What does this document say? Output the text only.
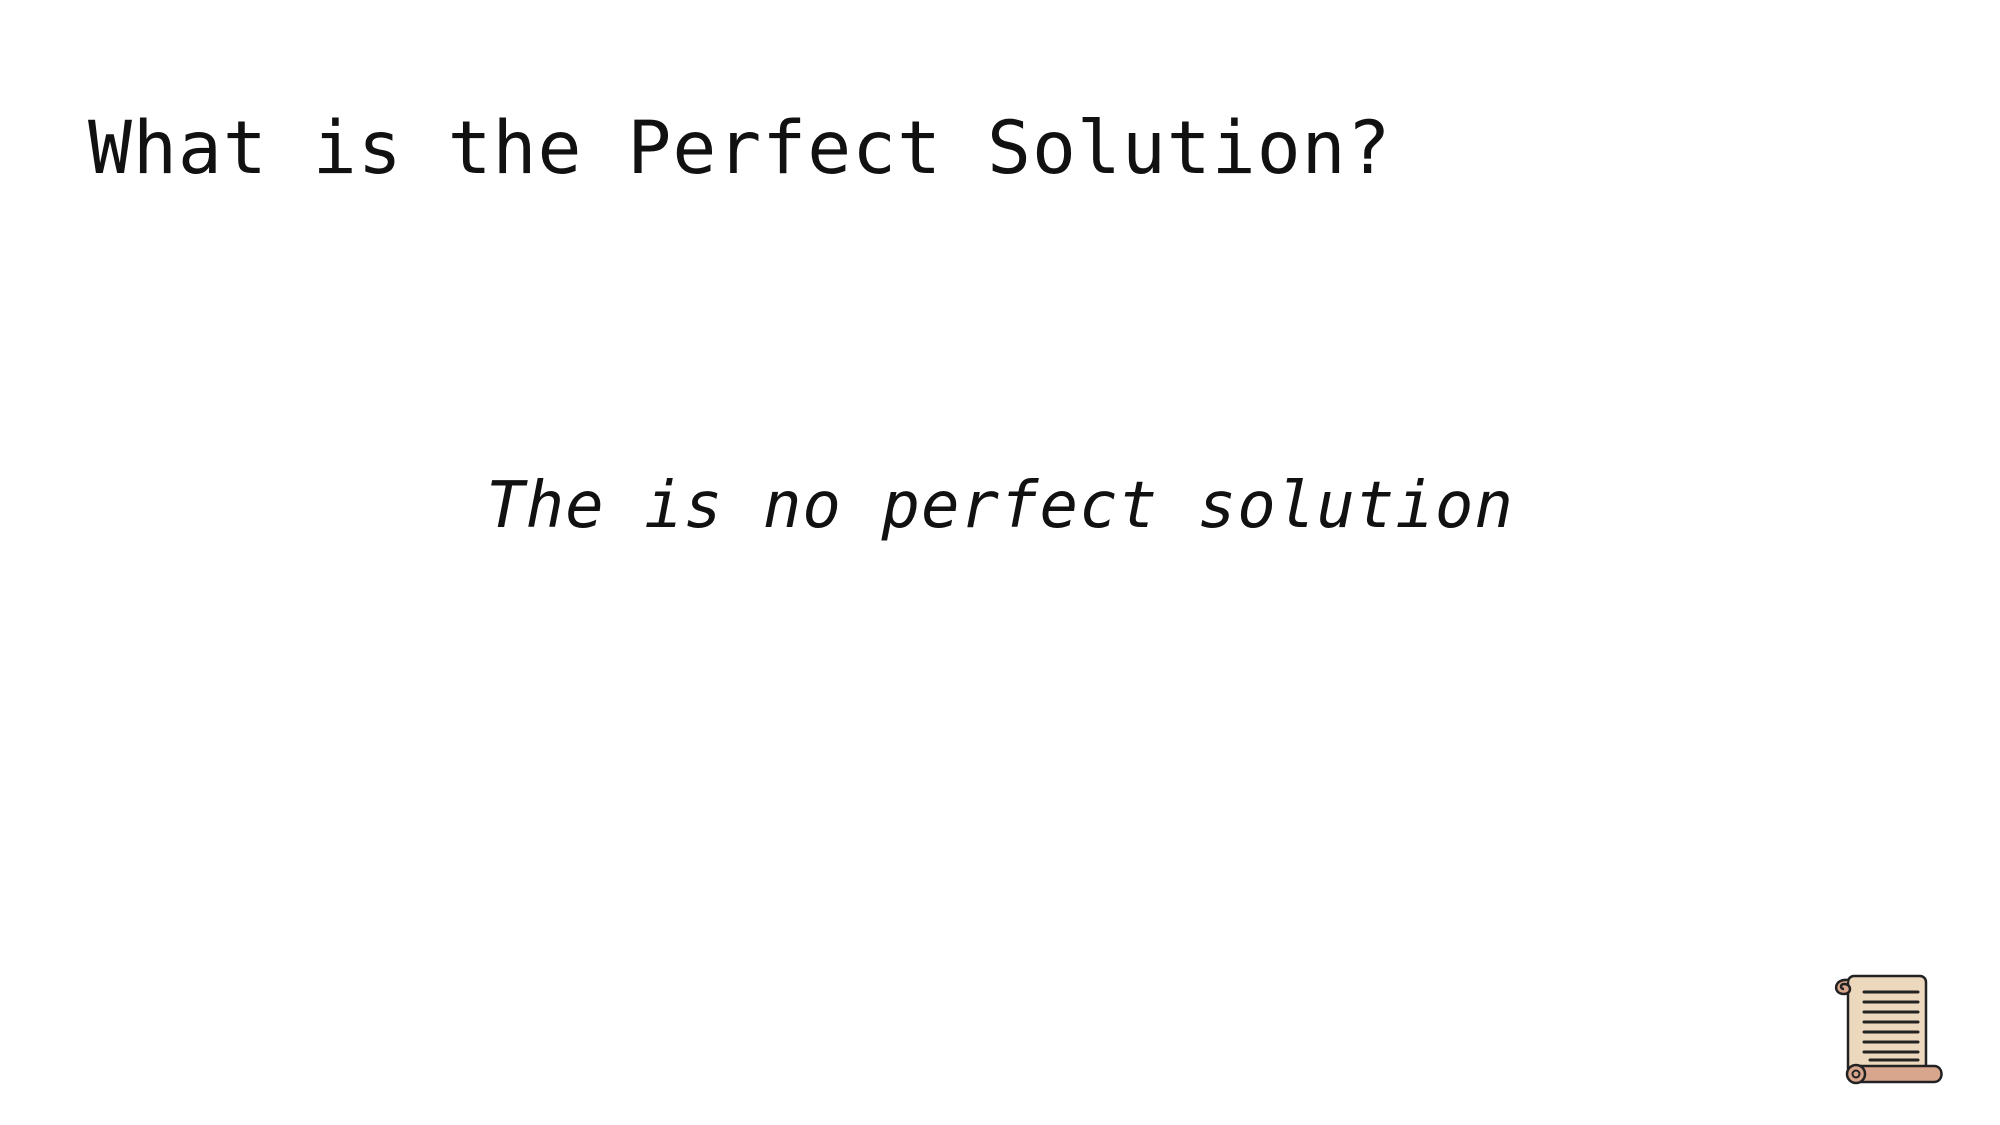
What is the Perfect Solution?

The is no perfect solution
